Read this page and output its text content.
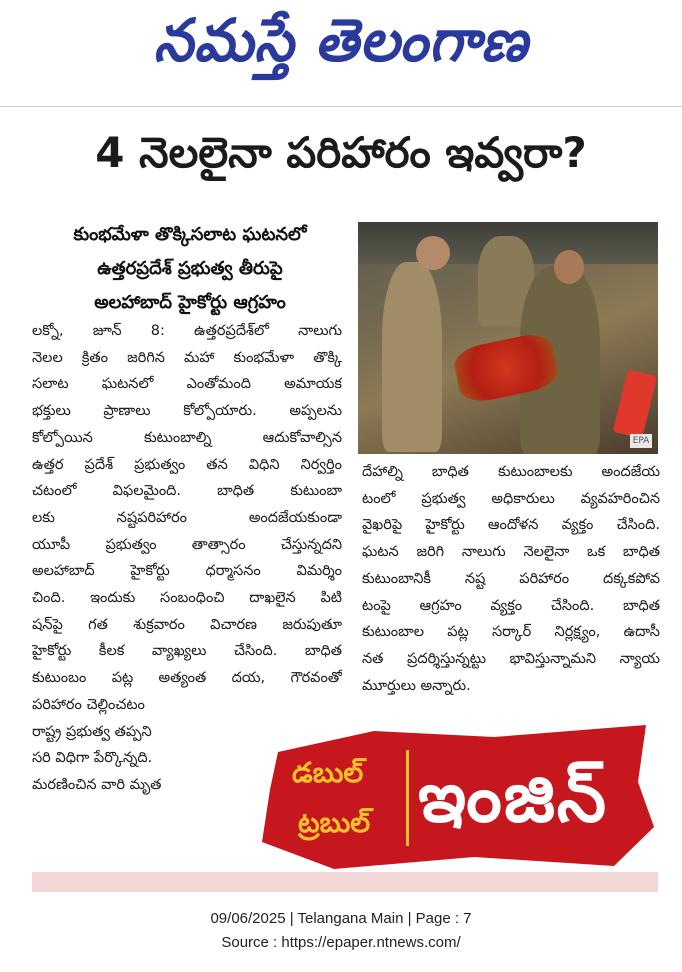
నమస్తే తెలంగాణ
4 నెలలైనా పరిహారం ఇవ్వరా?
కుంభమేళా తొక్కిసలాట ఘటనలో
ఉత్తరప్రదేశ్ ప్రభుత్వ తీరుపై
అలహాబాద్ హైకోర్టు ఆగ్రహం
EPA
లక్నో, జూన్ 8: ఉత్తరప్రదేశ్‌లో నాలుగు
నెలల క్రితం జరిగిన మహా కుంభమేళా తొక్కి
సలాట ఘటనలో ఎంతోమంది అమాయక
భక్తులు ప్రాణాలు కోల్పోయారు. అప్పలను
కోల్పోయిన కుటుంబాల్ని ఆదుకోవాల్సిన
ఉత్తర ప్రదేశ్ ప్రభుత్వం తన విధిని నిర్వర్తిం
చటంలో విఫలమైంది. బాధిత కుటుంబా
లకు నష్టపరిహారం అందజేయకుండా
యూపీ ప్రభుత్వం తాత్సారం చేస్తున్నదని
అలహాబాద్ హైకోర్టు ధర్మాసనం విమర్శిం
చింది. ఇందుకు సంబంధించి దాఖలైన పిటి
షన్‌పై గత శుక్రవారం విచారణ జరుపుతూ
హైకోర్టు కీలక వ్యాఖ్యలు చేసింది. బాధిత
కుటుంబం పట్ల అత్యంత దయ, గౌరవంతో
పరిహారం చెల్లించటం
రాష్ట్ర ప్రభుత్వ తప్పని
సరి విధిగా పేర్కొన్నది.
మరణించిన వారి మృత
దేహాల్ని బాధిత కుటుంబాలకు అందజేయ
టంలో ప్రభుత్వ అధికారులు వ్యవహరించిన
వైఖరిపై హైకోర్టు ఆందోళన వ్యక్తం చేసింది.
ఘటన జరిగి నాలుగు నెలలైనా ఒక బాధిత
కుటుంబానికీ నష్ట పరిహారం దక్కకపోవ
టంపై ఆగ్రహం వ్యక్తం చేసింది. బాధిత
కుటుంబాల పట్ల సర్కార్ నిర్లక్ష్యం, ఉదాసీ
నత ప్రదర్శిస్తున్నట్టు భావిస్తున్నామని న్యాయ
మూర్తులు అన్నారు.
డబుల్
ట్రబుల్ ఇంజిన్
09/06/2025 | Telangana Main | Page : 7
Source : https://epaper.ntnews.com/
